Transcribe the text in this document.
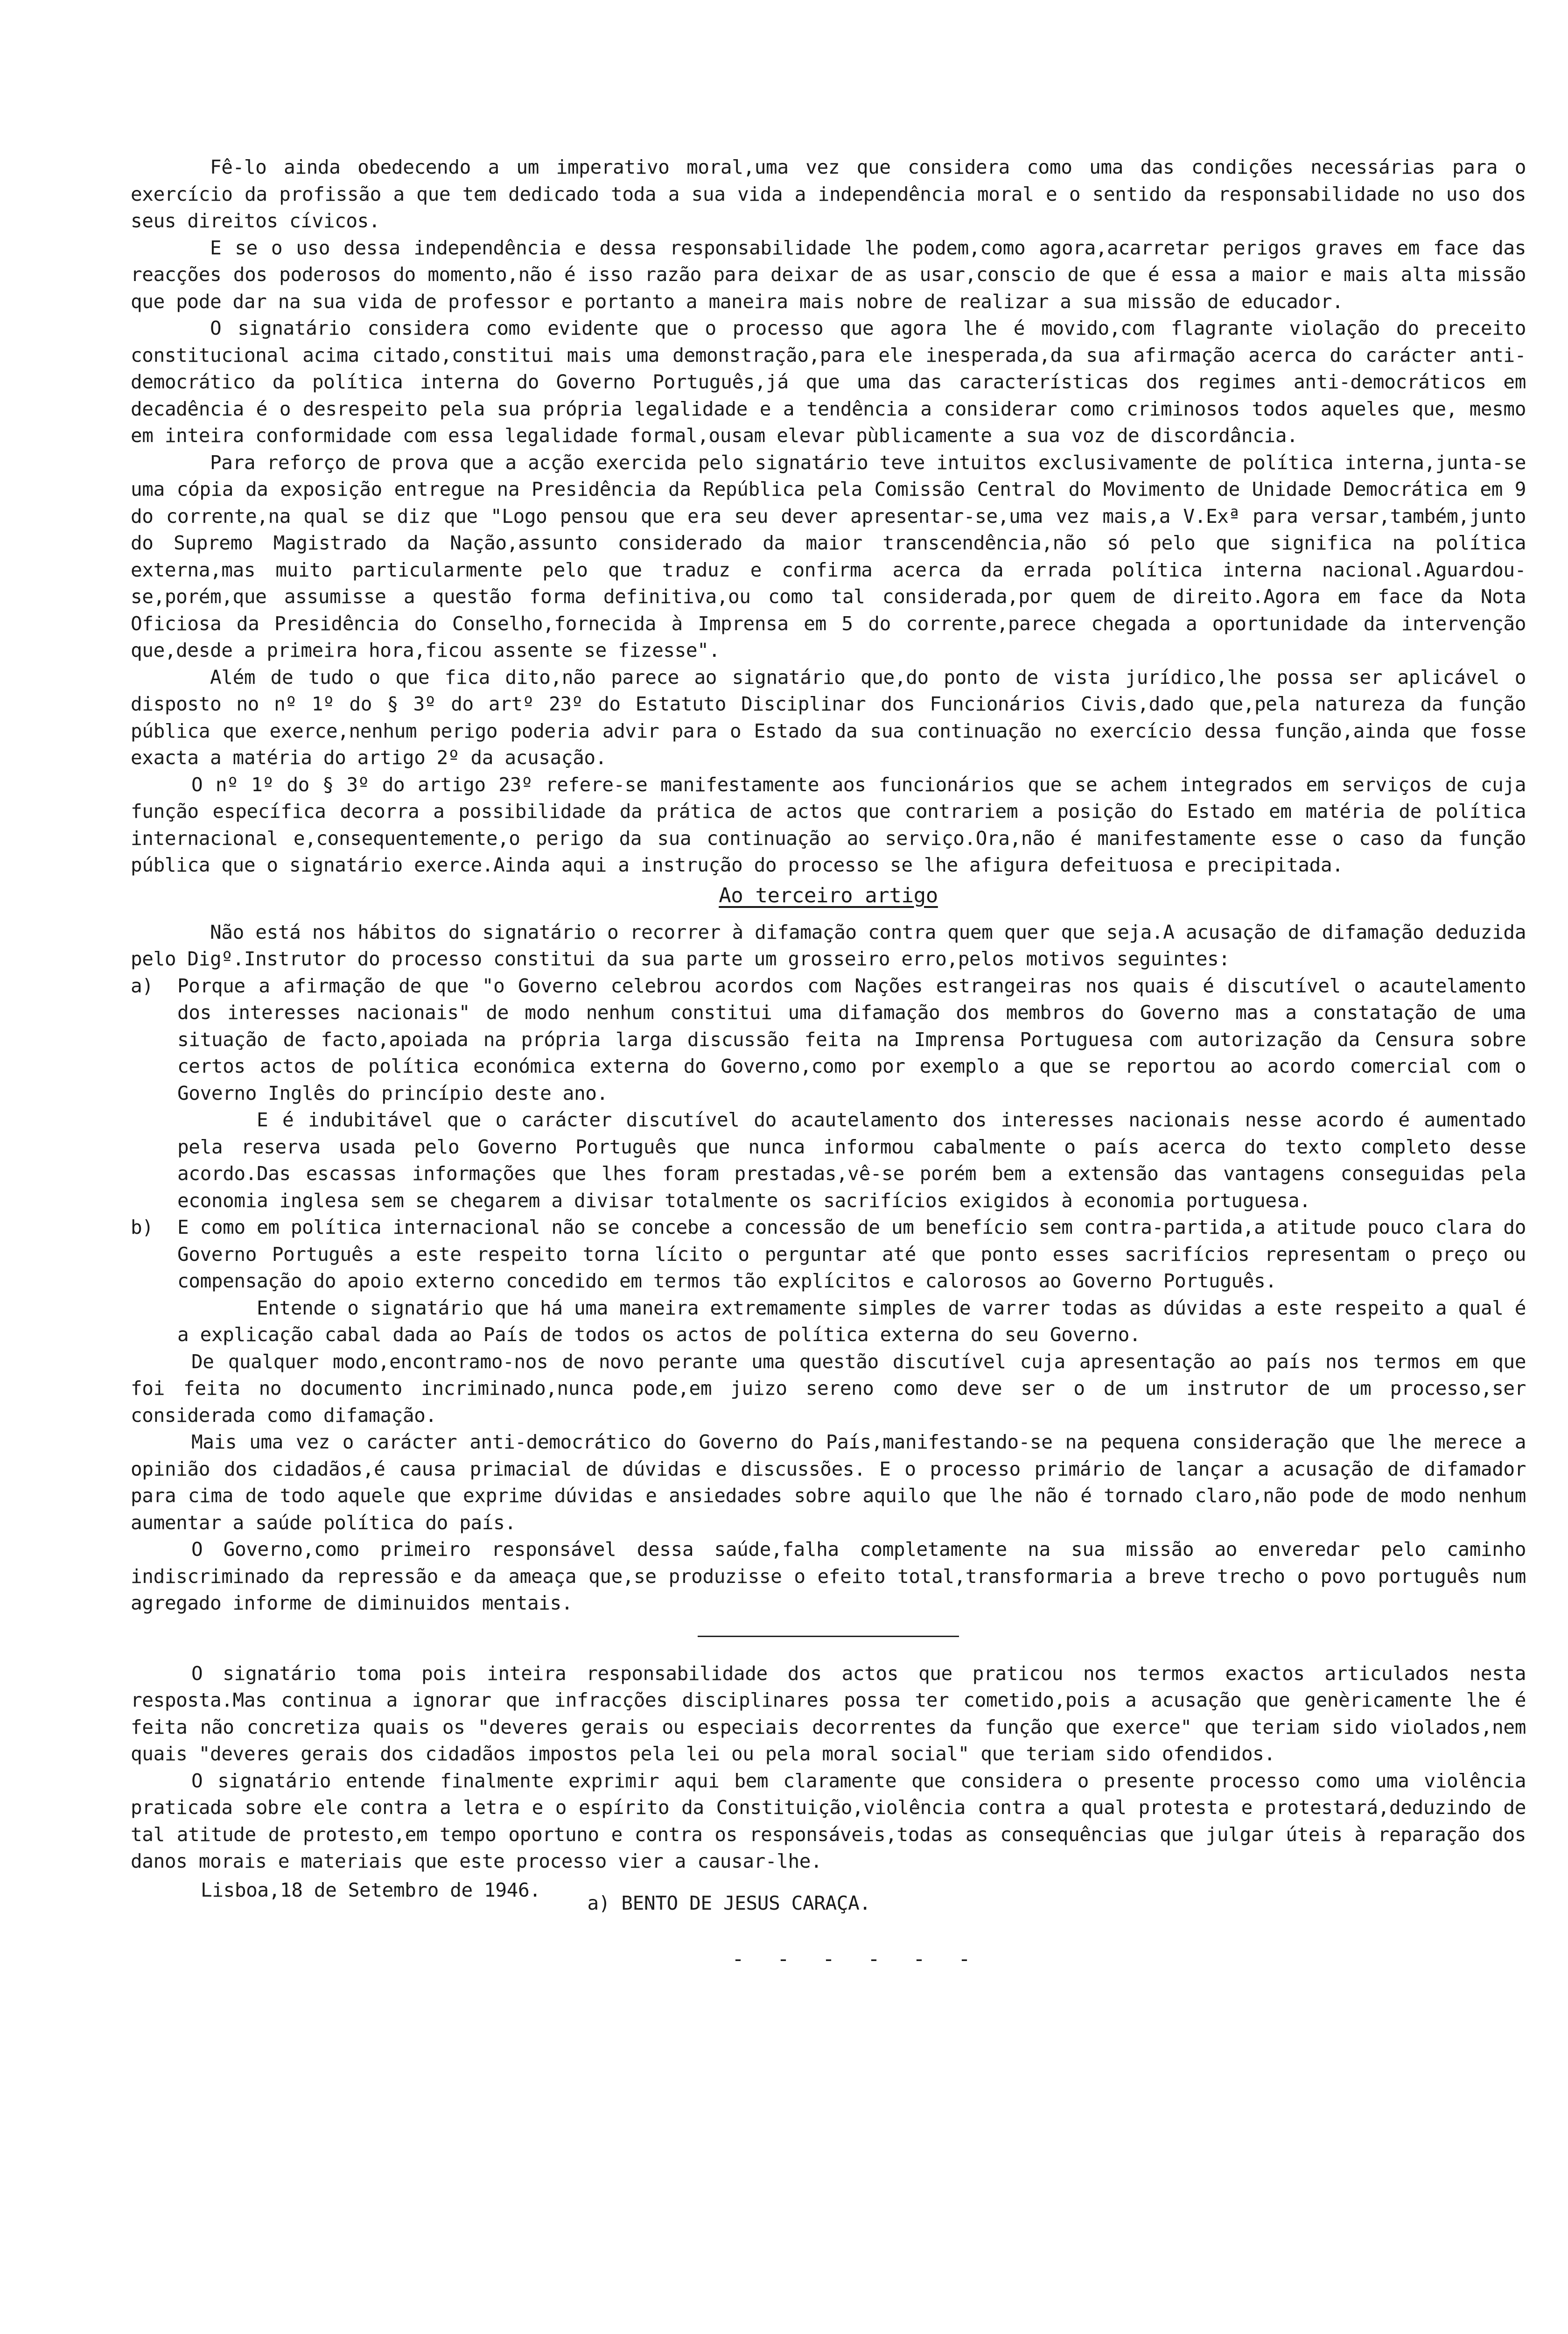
Fê-lo ainda obedecendo a um imperativo moral,uma vez que considera como uma das condições necessárias para o exercício da profissão a que tem dedicado toda a sua vida a independência moral e o sentido da responsabilidade no uso dos seus direitos cívicos.

E se o uso dessa independência e dessa responsabilidade lhe podem,como agora,acarretar perigos graves em face das reacções dos poderosos do momento,não é isso razão para deixar de as usar,conscio de que é essa a maior e mais alta missão que pode dar na sua vida de professor e portanto a maneira mais nobre de realizar a sua missão de educador.

O signatário considera como evidente que o processo que agora lhe é movido,com flagrante violação do preceito constitucional acima citado,constitui mais uma demonstração,para ele inesperada,da sua afirmação acerca do carácter anti-democrático da política interna do Governo Português,já que uma das características dos regimes anti-democráticos em decadência é o desrespeito pela sua própria legalidade e a tendência a considerar como criminosos todos aqueles que, mesmo em inteira conformidade com essa legalidade formal,ousam elevar pùblicamente a sua voz de discordância.

Para reforço de prova que a acção exercida pelo signatário teve intuitos exclusivamente de política interna,junta-se uma cópia da exposição entregue na Presidência da República pela Comissão Central do Movimento de Unidade Democrática em 9 do corrente,na qual se diz que "Logo pensou que era seu dever apresentar-se,uma vez mais,a V.Exª para versar,também,junto do Supremo Magistrado da Nação,assunto considerado da maior transcendência,não só pelo que significa na política externa,mas muito particularmente pelo que traduz e confirma acerca da errada política interna nacional.Aguardou-se,porém,que assumisse a questão forma definitiva,ou como tal considerada,por quem de direito.Agora em face da Nota Oficiosa da Presidência do Conselho,fornecida à Imprensa em 5 do corrente,parece chegada a oportunidade da intervenção que,desde a primeira hora,ficou assente se fizesse".

Além de tudo o que fica dito,não parece ao signatário que,do ponto de vista jurídico,lhe possa ser aplicável o disposto no nº 1º do § 3º do artº 23º do Estatuto Disciplinar dos Funcionários Civis,dado que,pela natureza da função pública que exerce,nenhum perigo poderia advir para o Estado da sua continuação no exercício dessa função,ainda que fosse exacta a matéria do artigo 2º da acusação.

O nº 1º do § 3º do artigo 23º refere-se manifestamente aos funcionários que se achem integrados em serviços de cuja função específica decorra a possibilidade da prática de actos que contrariem a posição do Estado em matéria de política internacional e,consequentemente,o perigo da sua continuação ao serviço.Ora,não é manifestamente esse o caso da função pública que o signatário exerce.Ainda aqui a instrução do processo se lhe afigura defeituosa e precipitada.

Ao terceiro artigo

Não está nos hábitos do signatário o recorrer à difamação contra quem quer que seja.A acusação de difamação deduzida pelo Digº.Instrutor do processo constitui da sua parte um grosseiro erro,pelos motivos seguintes:

a)	Porque a afirmação de que "o Governo celebrou acordos com Nações estrangeiras nos quais é discutível o acautelamento dos interesses nacionais" de modo nenhum constitui uma difamação dos membros do Governo mas a constatação de uma situação de facto,apoiada na própria larga discussão feita na Imprensa Portuguesa com autorização da Censura sobre certos actos de política económica externa do Governo,como por exemplo a que se reportou ao acordo comercial com o Governo Inglês do princípio deste ano.

E é indubitável que o carácter discutível do acautelamento dos interesses nacionais nesse acordo é aumentado pela reserva usada pelo Governo Português que nunca informou cabalmente o país acerca do texto completo desse acordo.Das escassas informações que lhes foram prestadas,vê-se porém bem a extensão das vantagens conseguidas pela economia inglesa sem se chegarem a divisar totalmente os sacrifícios exigidos à economia portuguesa.

b)	E como em política internacional não se concebe a concessão de um benefício sem contra-partida,a atitude pouco clara do Governo Português a este respeito torna lícito o perguntar até que ponto esses sacrifícios representam o preço ou compensação do apoio externo concedido em termos tão explícitos e calorosos ao Governo Português.

Entende o signatário que há uma maneira extremamente simples de varrer todas as dúvidas a este respeito a qual é a explicação cabal dada ao País de todos os actos de política externa do seu Governo.

De qualquer modo,encontramo-nos de novo perante uma questão discutível cuja apresentação ao país nos termos em que foi feita no documento incriminado,nunca pode,em juizo sereno como deve ser o de um instrutor de um processo,ser considerada como difamação.

Mais uma vez o carácter anti-democrático do Governo do País,manifestando-se na pequena consideração que lhe merece a opinião dos cidadãos,é causa primacial de dúvidas e discussões. E o processo primário de lançar a acusação de difamador para cima de todo aquele que exprime dúvidas e ansiedades sobre aquilo que lhe não é tornado claro,não pode de modo nenhum aumentar a saúde política do país.

O Governo,como primeiro responsável dessa saúde,falha completamente na sua missão ao enveredar pelo caminho indiscriminado da repressão e da ameaça que,se produzisse o efeito total,transformaria a breve trecho o povo português num agregado informe de diminuidos mentais.

O signatário toma pois inteira responsabilidade dos actos que praticou nos termos exactos articulados nesta resposta.Mas continua a ignorar que infracções disciplinares possa ter cometido,pois a acusação que genèricamente lhe é feita não concretiza quais os "deveres gerais ou especiais decorrentes da função que exerce" que teriam sido violados,nem quais "deveres gerais dos cidadãos impostos pela lei ou pela moral social" que teriam sido ofendidos.

O signatário entende finalmente exprimir aqui bem claramente que considera o presente processo como uma violência praticada sobre ele contra a letra e o espírito da Constituição,violência contra a qual protesta e protestará,deduzindo de tal atitude de protesto,em tempo oportuno e contra os responsáveis,todas as consequências que julgar úteis à reparação dos danos morais e materiais que este processo vier a causar-lhe.

Lisboa,18 de Setembro de 1946.
a) BENTO DE JESUS CARAÇA.
- - - - - -
